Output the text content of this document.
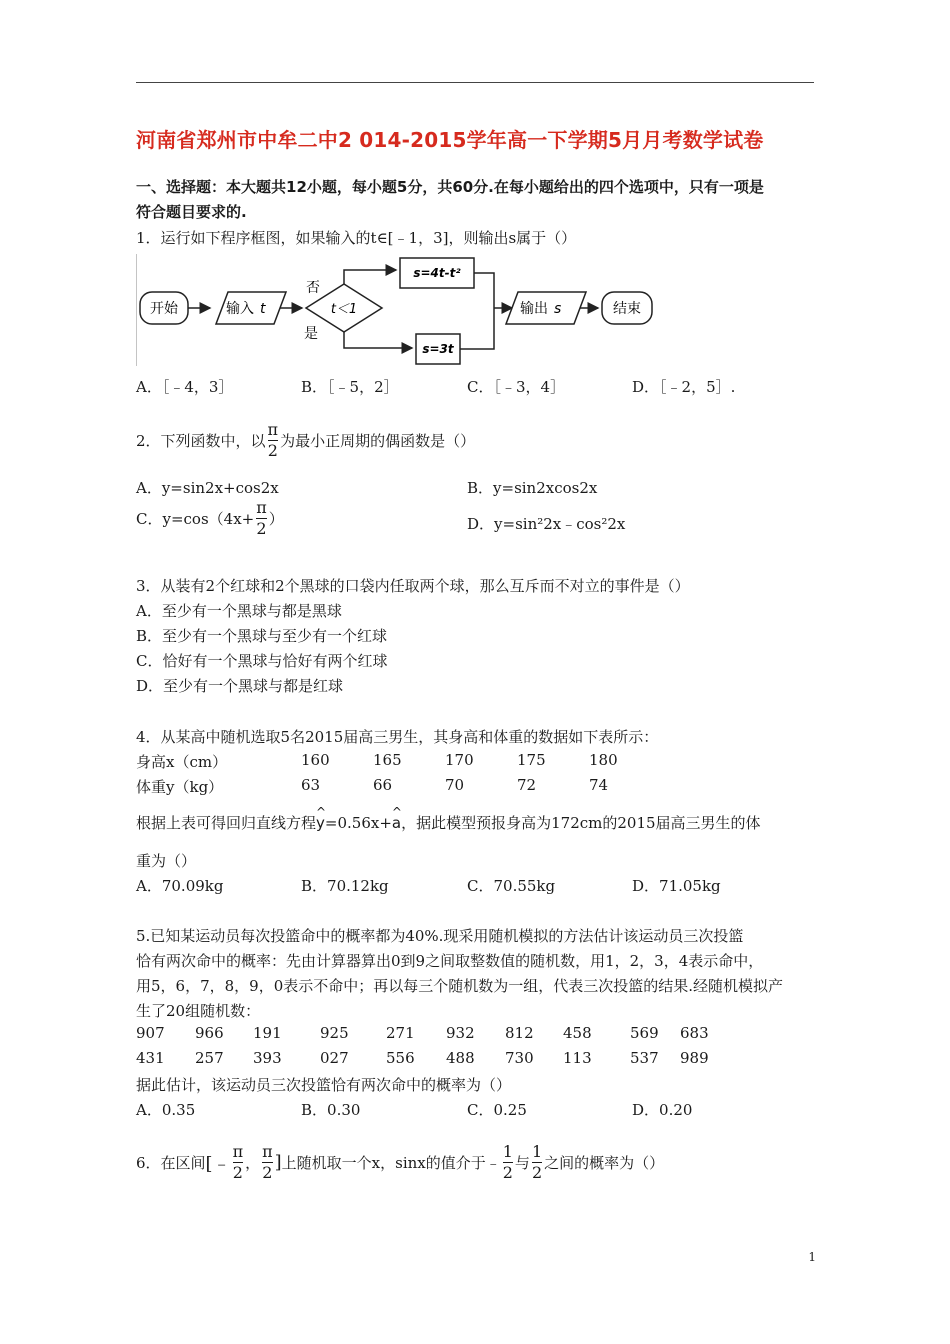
河南省郑州市中牟二中2 014-2015学年高一下学期5月月考数学试卷
一、选择题：本大题共12小题，每小题5分，共60分.在每小题给出的四个选项中，只有一项是
符合题目要求的.
1．运行如下程序框图，如果输入的t∈[﹣1，3]，则输出s属于（）
开始	输入 t	t＜1
否
是
s=4t-t²
s=3t
输出 s	结束
A．［﹣4，3］	B．［﹣5，2］	C．［﹣3，4］	D．［﹣2，5］.
2．下列函数中，以 $\frac{\pi}{2}$ 为最小正周期的偶函数是（）
A．y=sin2x+cos2x	B．y=sin2xcos2x
C．$y=\cos(4x+ \frac{\pi}{2}$ ）	D．y=sin²2x﹣cos²2x
3．从装有2个红球和2个黑球的口袋内任取两个球，那么互斥而不对立的事件是（）
A．至少有一个黑球与都是黑球
B．至少有一个黑球与至少有一个红球
C．恰好有一个黑球与恰好有两个红球
D．至少有一个黑球与都是红球
4．从某高中随机选取5名2015届高三男生，其身高和体重的数据如下表所示：
身高x（cm）	160	165	170	175	180
体重y（kg）	63	66	70	72	74
根据上表可得回归直线方程^ y=0.56x+^ a，据此模型预报身高为172cm的2015届高三男生的体
重为（）
A．70.09kg	B．70.12kg	C．70.55kg	D．71.05kg
5.已知某运动员每次投篮命中的概率都为40%.现采用随机模拟的方法估计该运动员三次投篮
恰有两次命中的概率：先由计算器算出0到9之间取整数值的随机数，用1，2，3，4表示命中，
用5，6，7，8，9，0表示不命中；再以每三个随机数为一组，代表三次投篮的结果.经随机模拟产
生了20组随机数：
907 966 191	925 271 932 812 458	569 683
431 257 393	027 556 488 730 113	537 989
据此估计，该运动员三次投篮恰有两次命中的概率为（）
A．0.35	B．0.30	C．0.25	D．0.20
6．在区间[﹣ $\frac{\pi}{2}$ ， $\frac{\pi}{2}$ ]上随机取一个x，sinx的值介于﹣ $\frac{1}{2}$ 与 $\frac{1}{2}$ 之间的概率为（）
1
